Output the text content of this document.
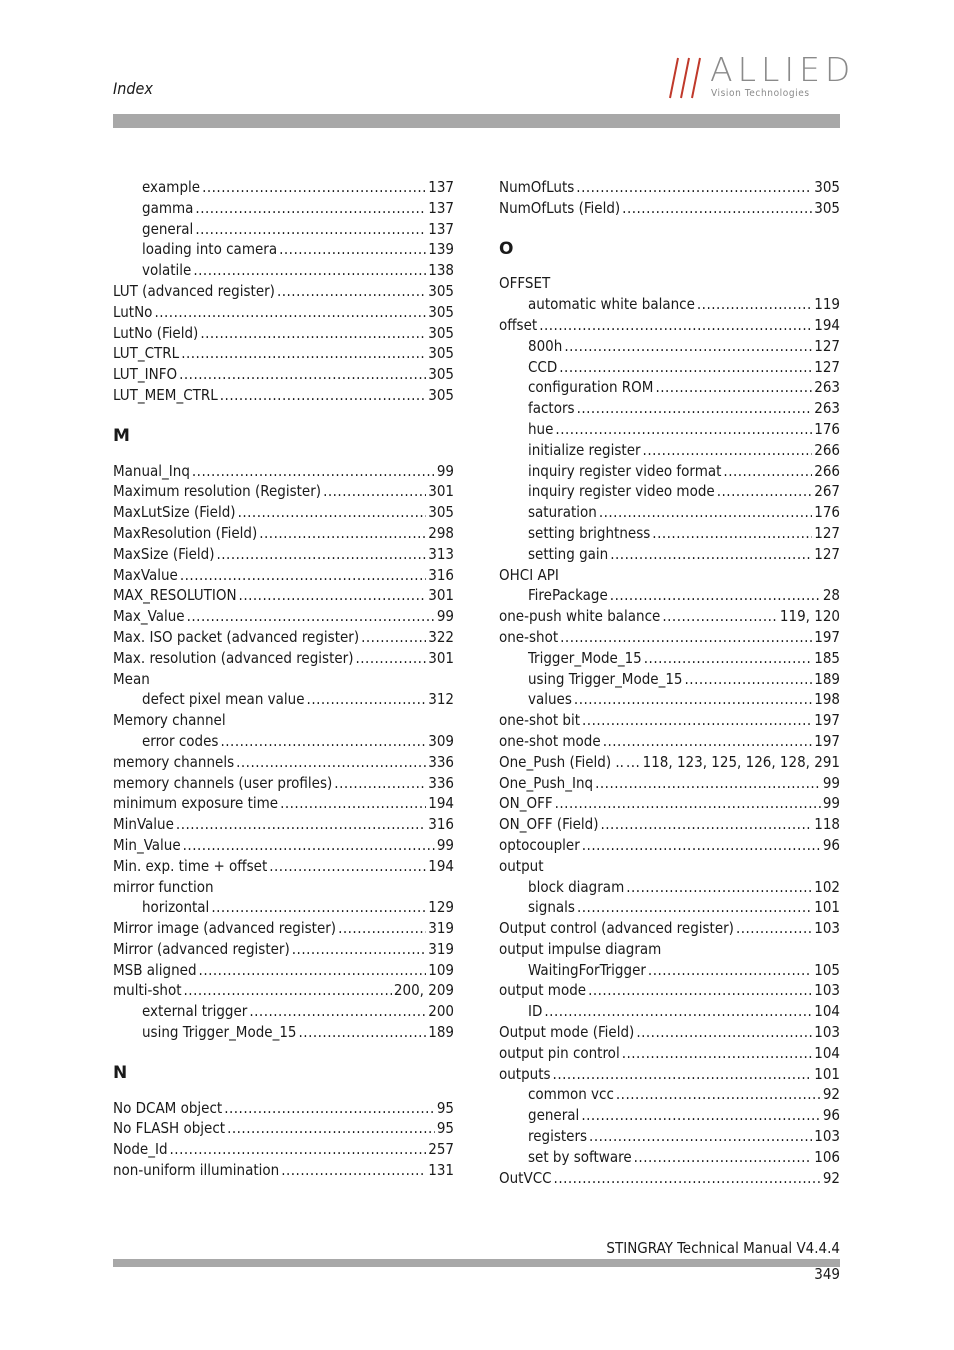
Index	ALLIED
Vision Technologies
example .....	137
gamma .....	137
general .....	137
loading into camera .....	139
volatile .....	138
LUT (advanced register) .....	305
LutNo .....	305
LutNo (Field) .....	305
LUT_CTRL .....	305
LUT_INFO .....	305
LUT_MEM_CTRL .....	305
M
Manual_Inq .....	99
Maximum resolution (Register) .....	301
MaxLutSize (Field) .....	305
MaxResolution (Field) .....	298
MaxSize (Field) .....	313
MaxValue .....	316
MAX_RESOLUTION .....	301
Max_Value .....	99
Max. ISO packet (advanced register) .....	322
Max. resolution (advanced register) .....	301
Mean
defect pixel mean value .....	312
Memory channel
error codes .....	309
memory channels .....	336
memory channels (user profiles) .....	336
minimum exposure time .....	194
MinValue .....	316
Min_Value .....	99
Min. exp. time + offset .....	194
mirror function
horizontal .....	129
Mirror image (advanced register) .....	319
Mirror (advanced register) .....	319
MSB aligned .....	109
multi-shot .....	200, 209
external trigger .....	200
using Trigger_Mode_15 .....	189
N
No DCAM object .....	95
No FLASH object .....	95
Node_Id .....	257
non-uniform illumination .....	131
NumOfLuts .....	305
NumOfLuts (Field) .....	305
O
OFFSET
automatic white balance .....	119
offset .....	194
800h .....	127
CCD .....	127
configuration ROM .....	263
factors .....	263
hue .....	176
initialize register .....	266
inquiry register video format .....	266
inquiry register video mode .....	267
saturation .....	176
setting brightness .....	127
setting gain .....	127
OHCI API
FirePackage .....	28
one-push white balance .....	119, 120
one-shot .....	197
Trigger_Mode_15 .....	185
using Trigger_Mode_15 .....	189
values .....	198
one-shot bit .....	197
one-shot mode .....	197
One_Push (Field) .. ..... 118, 123, 125, 126, 128, 291
One_Push_Inq .....	99
ON_OFF .....	99
ON_OFF (Field) .....	118
optocoupler .....	96
output
block diagram .....	102
signals .....	101
Output control (advanced register) .....	103
output impulse diagram
WaitingForTrigger .....	105
output mode .....	103
ID .....	104
Output mode (Field) .....	103
output pin control .....	104
outputs .....	101
common vcc .....	92
general .....	96
registers .....	103
set by software .....	106
OutVCC .....	92
STINGRAY Technical Manual V4.4.4
349
